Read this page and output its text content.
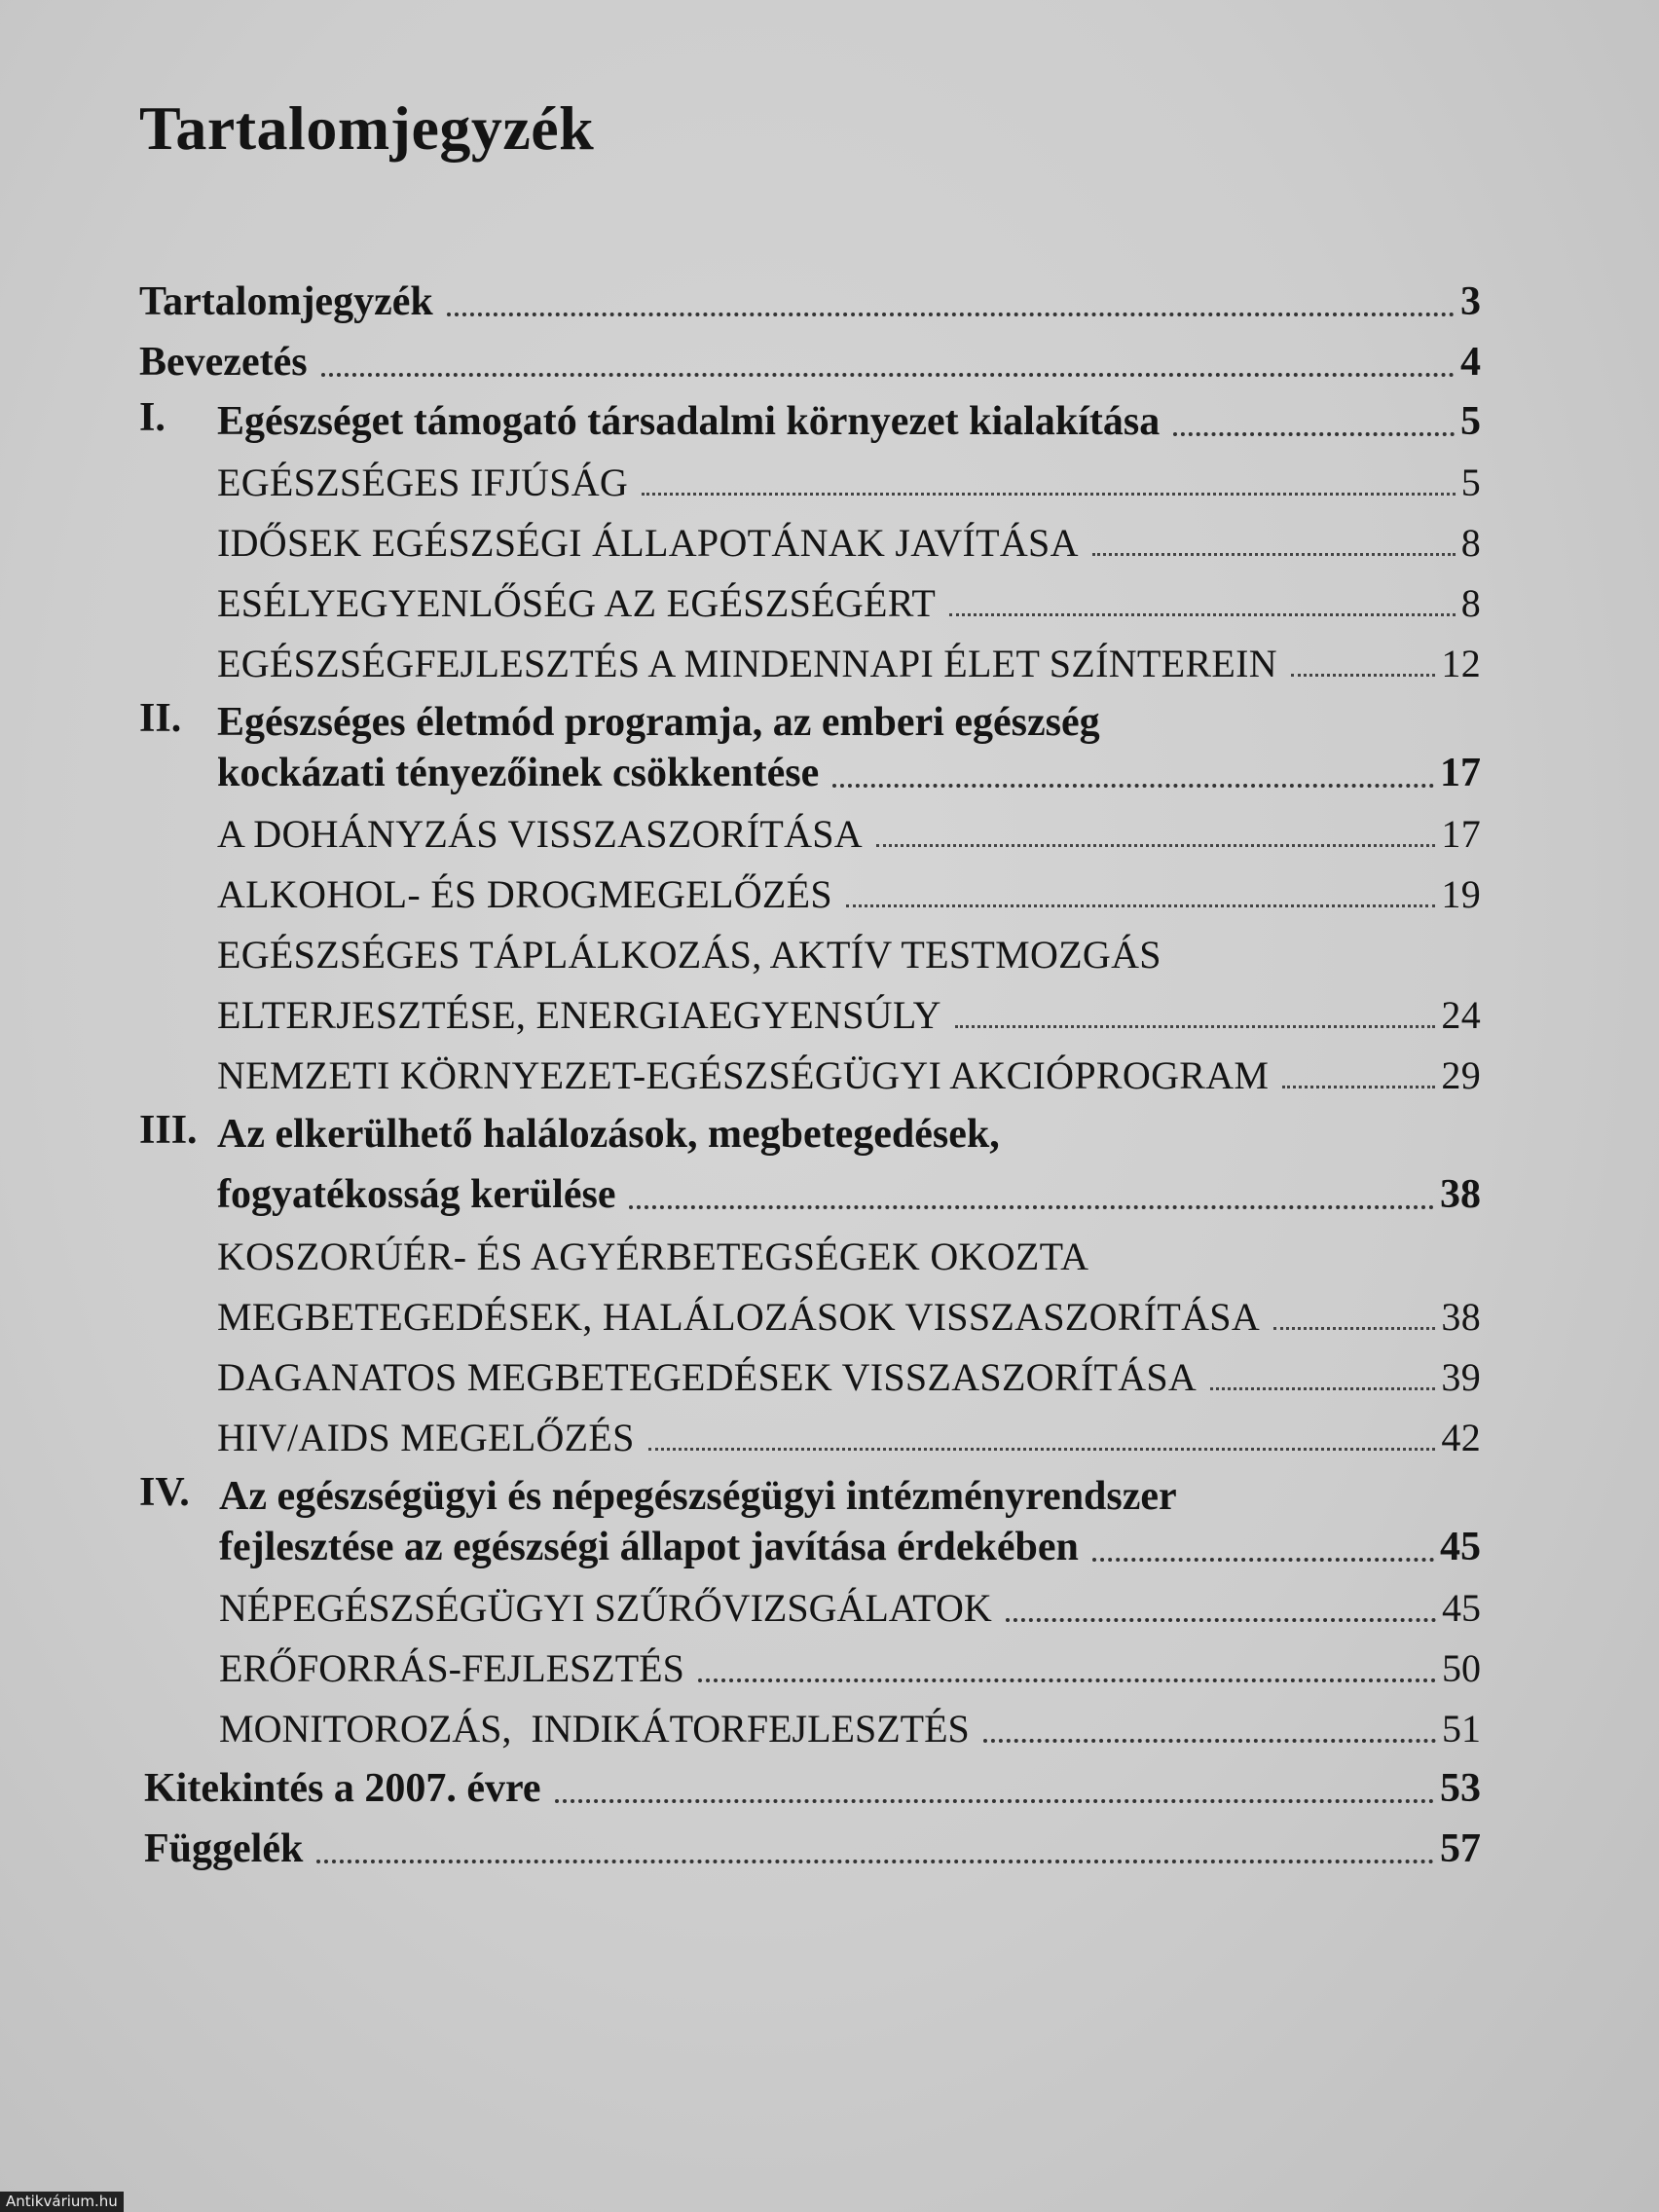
Tartalomjegyzék
Tartalomjegyzék	3
Bevezetés	4
I. Egészséget támogató társadalmi környezet kialakítása	5
EGÉSZSÉGES IFJÚSÁG	5
IDŐSEK EGÉSZSÉGI ÁLLAPOTÁNAK JAVÍTÁSA	8
ESÉLYEGYENLŐSÉG AZ EGÉSZSÉGÉRT	8
EGÉSZSÉGFEJLESZTÉS A MINDENNAPI ÉLET SZÍNTEREIN	12
II. Egészséges életmód programja, az emberi egészség
kockázati tényezőinek csökkentése	17
A DOHÁNYZÁS VISSZASZORÍTÁSA	17
ALKOHOL- ÉS DROGMEGELŐZÉS	19
EGÉSZSÉGES TÁPLÁLKOZÁS, AKTÍV TESTMOZGÁS
ELTERJESZTÉSE, ENERGIAEGYENSÚLY	24
NEMZETI KÖRNYEZET-EGÉSZSÉGÜGYI AKCIÓPROGRAM	29
III. Az elkerülhető halálozások, megbetegedések,
fogyatékosság kerülése	38
KOSZORÚÉR- ÉS AGYÉRBETEGSÉGEK OKOZTA
MEGBETEGEDÉSEK, HALÁLOZÁSOK VISSZASZORÍTÁSA	38
DAGANATOS MEGBETEGEDÉSEK VISSZASZORÍTÁSA	39
HIV/AIDS MEGELŐZÉS	42
IV. Az egészségügyi és népegészségügyi intézményrendszer
fejlesztése az egészségi állapot javítása érdekében	45
NÉPEGÉSZSÉGÜGYI SZŰRŐVIZSGÁLATOK	45
ERŐFORRÁS-FEJLESZTÉS	50
MONITOROZÁS,  INDIKÁTORFEJLESZTÉS	51
Kitekintés a 2007. évre	53
Függelék	57
Antikvárium.hu
